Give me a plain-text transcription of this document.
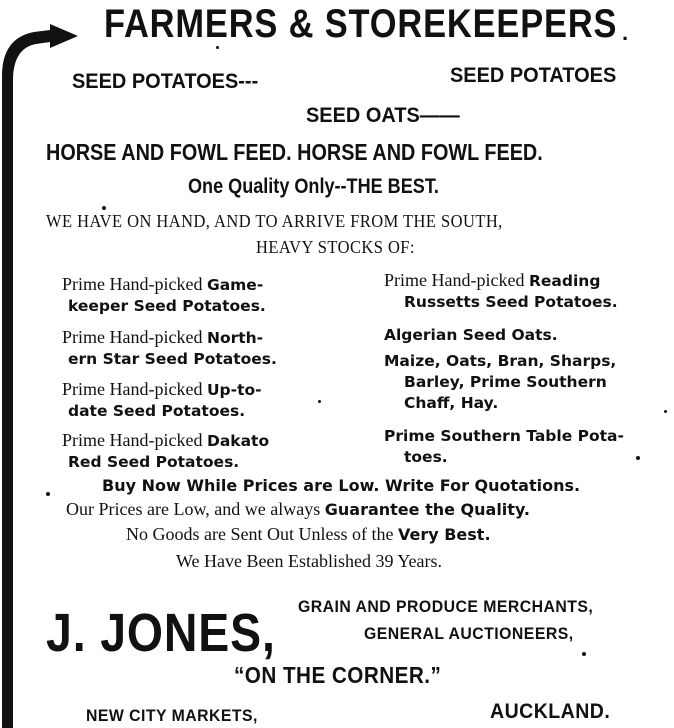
FARMERS & STOREKEEPERS .
SEED POTATOES---	SEED POTATOES
SEED OATS——
HORSE AND FOWL FEED. HORSE AND FOWL FEED.
One Quality Only--THE BEST.
WE HAVE ON HAND, AND TO ARRIVE FROM THE SOUTH,
HEAVY STOCKS OF:
Prime Hand-picked Game-
keeper Seed Potatoes.
Prime Hand-picked North-
ern Star Seed Potatoes.
Prime Hand-picked Up-to-
date Seed Potatoes.
Prime Hand-picked Dakato
Red Seed Potatoes.
Prime Hand-picked Reading
Russetts Seed Potatoes.
Algerian Seed Oats.
Maize, Oats, Bran, Sharps,
Barley, Prime Southern
Chaff, Hay.
Prime Southern Table Pota-
toes.
Buy Now While Prices are Low. Write For Quotations.
Our Prices are Low, and we always Guarantee the Quality.
No Goods are Sent Out Unless of the Very Best.
We Have Been Established 39 Years.
J. JONES, GRAIN AND PRODUCE MERCHANTS,
GENERAL AUCTIONEERS,
“ON THE CORNER.”
NEW CITY MARKETS,	AUCKLAND.
